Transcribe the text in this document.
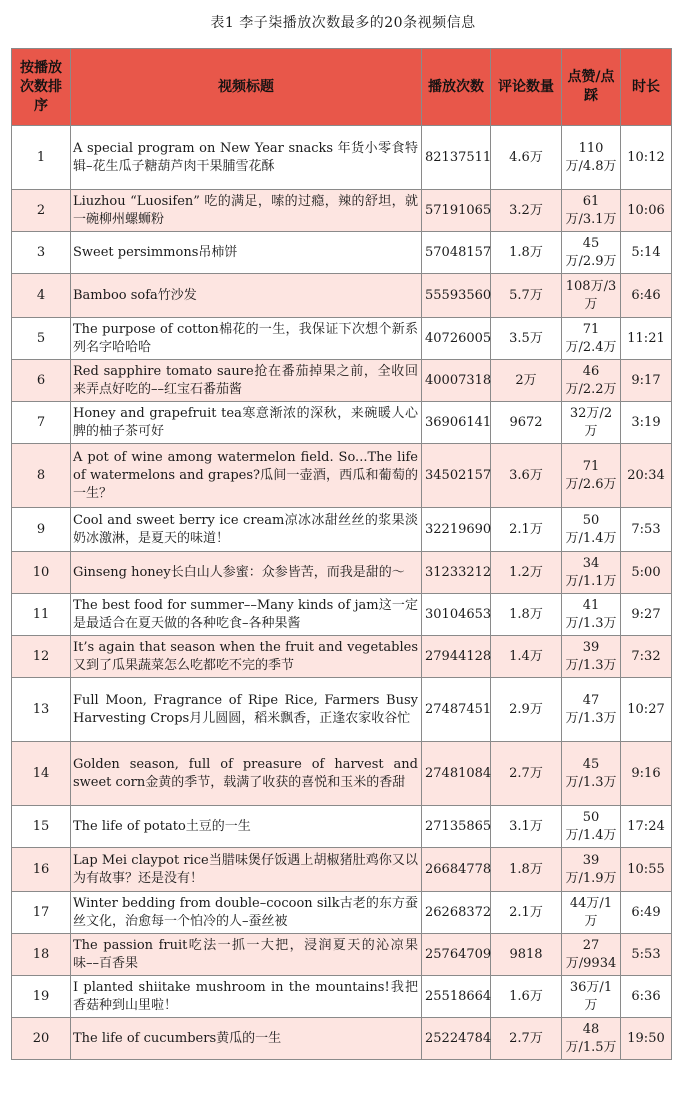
表1 李子柒播放次数最多的20条视频信息
按播放次数排序	视频标题	播放次数	评论数量	点赞/点踩	时长
1	A special program on New Year snacks 年货小零食特辑–花生瓜子糖葫芦肉干果脯雪花酥	82137511	4.6万	110万/4.8万	10:12
2	Liuzhou “Luosifen” 吃的满足，嗦的过瘾，辣的舒坦，就一碗柳州螺蛳粉	57191065	3.2万	61万/3.1万	10:06
3	Sweet persimmons吊柿饼	57048157	1.8万	45万/2.9万	5:14
4	Bamboo sofa竹沙发	55593560	5.7万	108万/3万	6:46
5	The purpose of cotton棉花的一生，我保证下次想个新系列名字哈哈哈	40726005	3.5万	71万/2.4万	11:21
6	Red sapphire tomato saure抢在番茄掉果之前，全收回来弄点好吃的––红宝石番茄酱	40007318	2万	46万/2.2万	9:17
7	Honey and grapefruit tea寒意渐浓的深秋，来碗暖人心脾的柚子茶可好	36906141	9672	32万/2万	3:19
8	A pot of wine among watermelon field. So...The life of watermelons and grapes?瓜间一壶酒，西瓜和葡萄的一生？	34502157	3.6万	71万/2.6万	20:34
9	Cool and sweet berry ice cream凉冰冰甜丝丝的浆果淡奶冰激淋，是夏天的味道！	32219690	2.1万	50万/1.4万	7:53
10	Ginseng honey长白山人参蜜：众参皆苦，而我是甜的～	31233212	1.2万	34万/1.1万	5:00
11	The best food for summer––Many kinds of jam这一定是最适合在夏天做的各种吃食–各种果酱	30104653	1.8万	41万/1.3万	9:27
12	It’s again that season when the fruit and vegetables又到了瓜果蔬菜怎么吃都吃不完的季节	27944128	1.4万	39万/1.3万	7:32
13	Full Moon, Fragrance of Ripe Rice, Farmers Busy Harvesting Crops月儿圆圆，稻米飘香，正逢农家收谷忙	27487451	2.9万	47万/1.3万	10:27
14	Golden season, full of preasure of harvest and sweet corn金黄的季节，载满了收获的喜悦和玉米的香甜	27481084	2.7万	45万/1.3万	9:16
15	The life of potato土豆的一生	27135865	3.1万	50万/1.4万	17:24
16	Lap Mei claypot rice当腊味煲仔饭遇上胡椒猪肚鸡你又以为有故事？还是没有！	26684778	1.8万	39万/1.9万	10:55
17	Winter bedding from double–cocoon silk古老的东方蚕丝文化，治愈每一个怕冷的人–蚕丝被	26268372	2.1万	44万/1万	6:49
18	The passion fruit吃法一抓一大把，浸润夏天的沁凉果味––百香果	25764709	9818	27万/9934	5:53
19	I planted shiitake mushroom in the mountains!我把香菇种到山里啦！	25518664	1.6万	36万/1万	6:36
20	The life of cucumbers黄瓜的一生	25224784	2.7万	48万/1.5万	19:50
